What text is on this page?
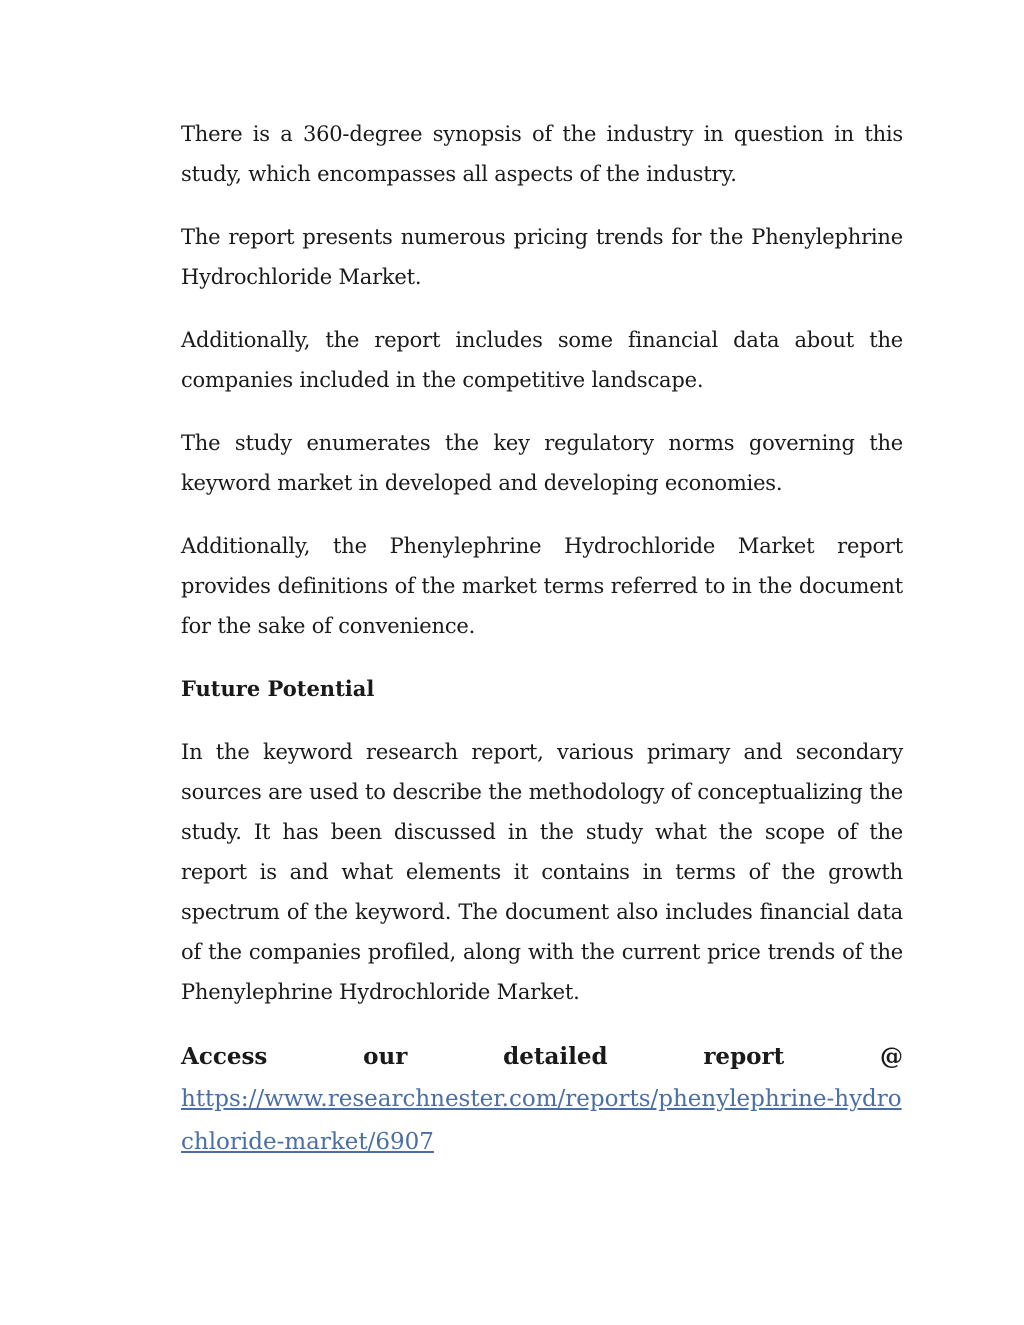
There is a 360-degree synopsis of the industry in question in this study, which encompasses all aspects of the industry.

The report presents numerous pricing trends for the Phenylephrine Hydrochloride Market.

Additionally, the report includes some financial data about the companies included in the competitive landscape.

The study enumerates the key regulatory norms governing the keyword market in developed and developing economies.

Additionally, the Phenylephrine Hydrochloride Market report provides definitions of the market terms referred to in the document for the sake of convenience.

Future Potential

In the keyword research report, various primary and secondary sources are used to describe the methodology of conceptualizing the study. It has been discussed in the study what the scope of the report is and what elements it contains in terms of the growth spectrum of the keyword. The document also includes financial data of the companies profiled, along with the current price trends of the Phenylephrine Hydrochloride Market.

Access	our	detailed	report	@
https://www.researchnester.com/reports/phenylephrine-hydrochloride-market/6907
